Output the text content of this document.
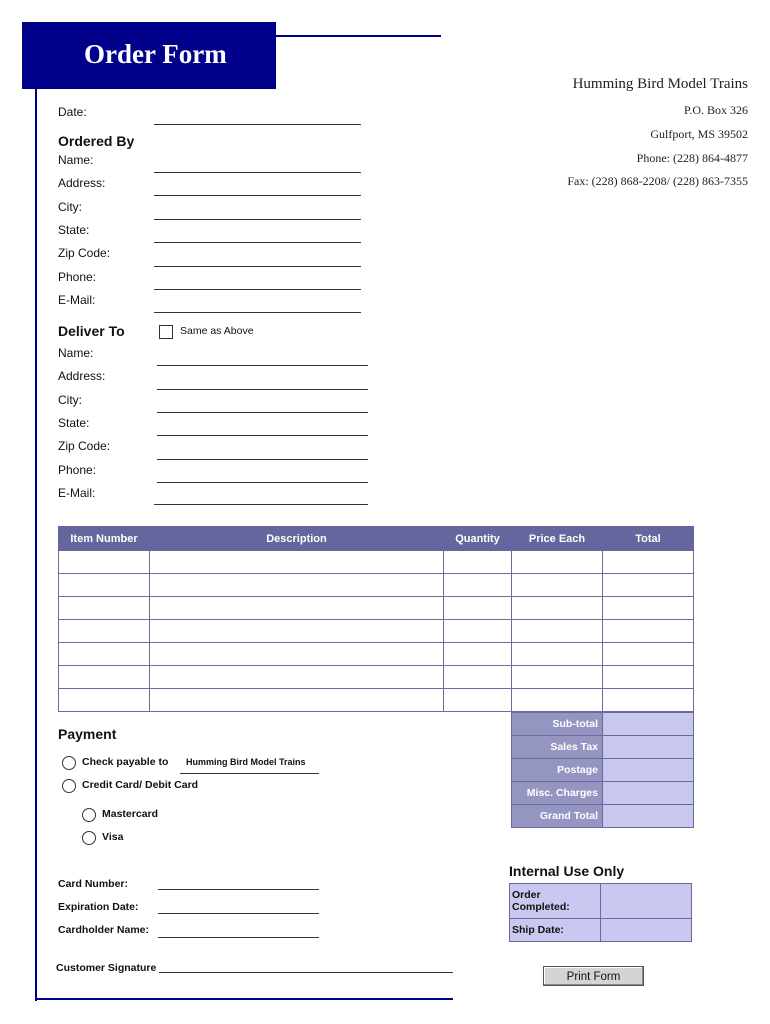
Order Form
Humming Bird Model Trains
P.O. Box 326
Gulfport, MS 39502
Phone: (228) 864-4877
Fax: (228) 868-2208/ (228) 863-7355
Date:
Ordered By
Name:
Address:
City:
State:
Zip Code:
Phone:
E-Mail:
Deliver To	Same as Above
Name:
Address:
City:
State:
Zip Code:
Phone:
E-Mail:
Item Number	Description	Quantity	Price Each	Total

Sub-total	
Sales Tax	
Postage	
Misc. Charges	
Grand Total	
Payment
Check payable to Humming Bird Model Trains
Credit Card/ Debit Card
Mastercard
Visa
Card Number:
Expiration Date:
Cardholder Name:
Customer Signature
Internal Use Only
Order Completed:	
Ship Date:	
Print Form
